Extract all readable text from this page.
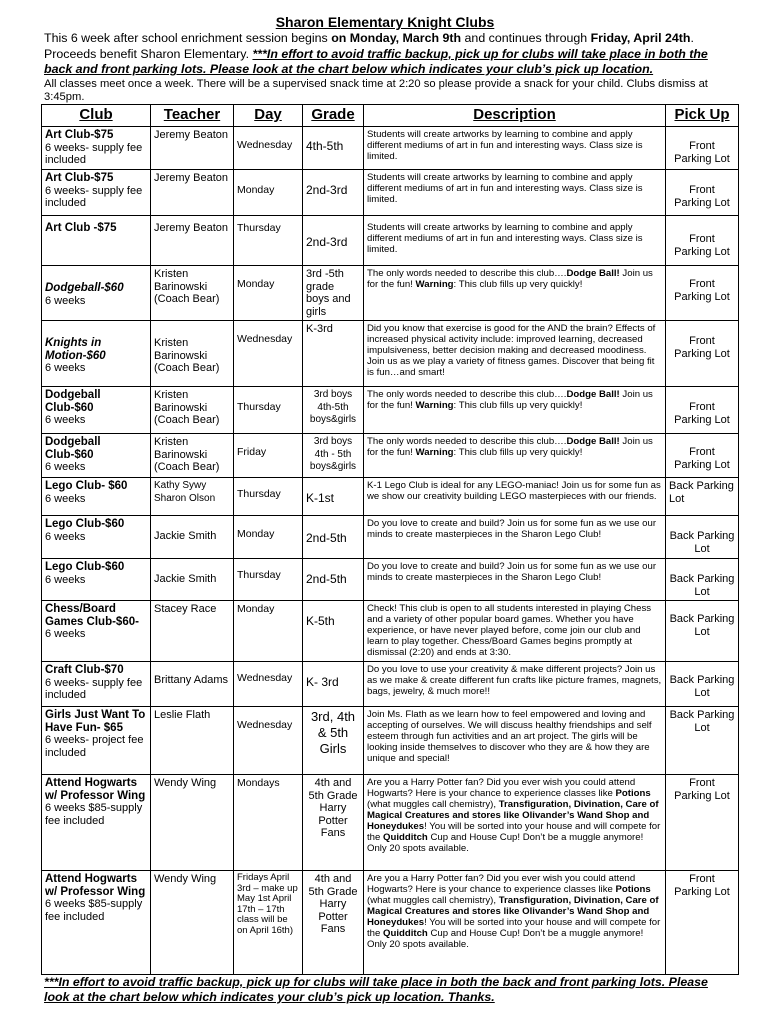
Sharon Elementary Knight Clubs
This 6 week after school enrichment session begins on Monday, March 9th and continues through Friday, April 24th. Proceeds benefit Sharon Elementary. ***In effort to avoid traffic backup, pick up for clubs will take place in both the back and front parking lots. Please look at the chart below which indicates your club’s pick up location.
All classes meet once a week. There will be a supervised snack time at 2:20 so please provide a snack for your child. Clubs dismiss at 3:45pm.
Club	Teacher	Day	Grade	Description	Pick Up

Art Club-$75
6 weeks- supply fee included	Jeremy Beaton	Wednesday	4th-5th	Students will create artworks by learning to combine and apply different mediums of art in fun and interesting ways. Class size is limited.	Front Parking Lot

Art Club-$75
6 weeks- supply fee included	Jeremy Beaton	Monday	2nd-3rd	Students will create artworks by learning to combine and apply different mediums of art in fun and interesting ways. Class size is limited.	Front Parking Lot

Art Club -$75	Jeremy Beaton	Thursday	2nd-3rd	Students will create artworks by learning to combine and apply different mediums of art in fun and interesting ways. Class size is limited.	Front Parking Lot

Dodgeball-$60
6 weeks	Kristen Barinowski (Coach Bear)	Monday	3rd -5th grade boys and girls	The only words needed to describe this club….Dodge Ball! Join us for the fun! Warning: This club fills up very quickly!	Front Parking Lot

Knights in Motion-$60
6 weeks	Kristen Barinowski (Coach Bear)	Wednesday	K-3rd	Did you know that exercise is good for the AND the brain? Effects of increased physical activity include: improved learning, decreased impulsiveness, better decision making and decreased moodiness. Join us as we play a variety of fitness games. Discover that being fit is fun…and smart!	Front Parking Lot

Dodgeball Club-$60
6 weeks	Kristen Barinowski (Coach Bear)	Thursday	3rd boys 4th-5th boys&girls	The only words needed to describe this club….Dodge Ball! Join us for the fun! Warning: This club fills up very quickly!	Front Parking Lot

Dodgeball Club-$60
6 weeks	Kristen Barinowski (Coach Bear)	Friday	3rd boys 4th - 5th boys&girls	The only words needed to describe this club….Dodge Ball! Join us for the fun! Warning: This club fills up very quickly!	Front Parking Lot

Lego Club- $60
6 weeks	Kathy Sywy Sharon Olson	Thursday	K-1st	K-1 Lego Club is ideal for any LEGO-maniac! Join us for some fun as we show our creativity building LEGO masterpieces with our friends.	Back Parking Lot

Lego Club-$60
6 weeks	Jackie Smith	Monday	2nd-5th	Do you love to create and build? Join us for some fun as we use our minds to create masterpieces in the Sharon Lego Club!	Back Parking Lot

Lego Club-$60
6 weeks	Jackie Smith	Thursday	2nd-5th	Do you love to create and build? Join us for some fun as we use our minds to create masterpieces in the Sharon Lego Club!	Back Parking Lot

Chess/Board Games Club-$60-
6 weeks	Stacey Race	Monday	K-5th	Check! This club is open to all students interested in playing Chess and a variety of other popular board games. Whether you have experience, or have never played before, come join our club and learn to play together. Chess/Board Games begins promptly at dismissal (2:20) and ends at 3:30.	Back Parking Lot

Craft Club-$70
6 weeks- supply fee included	Brittany Adams	Wednesday	K- 3rd	Do you love to use your creativity & make different projects? Join us as we make & create different fun crafts like picture frames, magnets, bags, jewelry, & much more!!	Back Parking Lot

Girls Just Want To Have Fun- $65
6 weeks- project fee included	Leslie Flath	Wednesday	3rd, 4th & 5th Girls	Join Ms. Flath as we learn how to feel empowered and loving and accepting of ourselves. We will discuss healthy friendships and self esteem through fun activities and an art project. The girls will be looking inside themselves to discover who they are & how they are unique and special!	Back Parking Lot

Attend Hogwarts w/ Professor Wing
6 weeks $85-supply fee included	Wendy Wing	Mondays	4th and 5th Grade Harry Potter Fans	Are you a Harry Potter fan? Did you ever wish you could attend Hogwarts? Here is your chance to experience classes like Potions (what muggles call chemistry), Transfiguration, Divination, Care of Magical Creatures and stores like Olivander’s Wand Shop and Honeydukes! You will be sorted into your house and will compete for the Quidditch Cup and House Cup! Don’t be a muggle anymore! Only 20 spots available.	Front Parking Lot

Attend Hogwarts w/ Professor Wing
6 weeks $85-supply fee included	Wendy Wing	Fridays April 3rd – make up May 1st April 17th – 17th class will be on April 16th)	4th and 5th Grade Harry Potter Fans	Are you a Harry Potter fan? Did you ever wish you could attend Hogwarts? Here is your chance to experience classes like Potions (what muggles call chemistry), Transfiguration, Divination, Care of Magical Creatures and stores like Olivander’s Wand Shop and Honeydukes! You will be sorted into your house and will compete for the Quidditch Cup and House Cup! Don’t be a muggle anymore! Only 20 spots available.	Front Parking Lot
***In effort to avoid traffic backup, pick up for clubs will take place in both the back and front parking lots. Please look at the chart below which indicates your club’s pick up location. Thanks.
